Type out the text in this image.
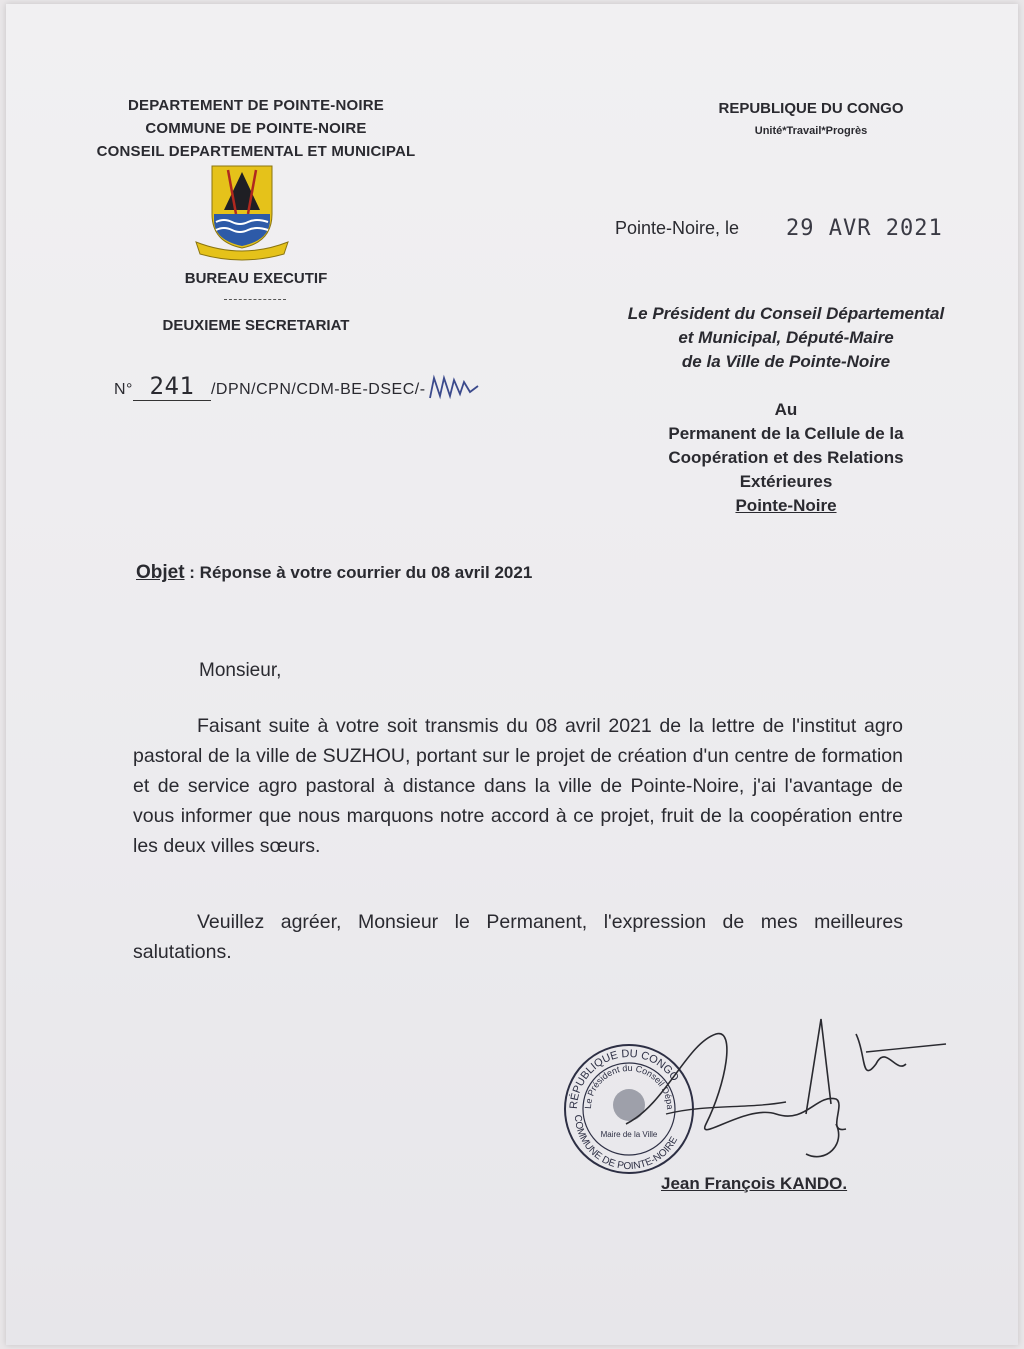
DEPARTEMENT DE POINTE-NOIRE
COMMUNE DE POINTE-NOIRE
CONSEIL DEPARTEMENTAL ET MUNICIPAL
BUREAU EXECUTIF
DEUXIEME SECRETARIAT
N° 241 /DPN/CPN/CDM-BE-DSEC/-
REPUBLIQUE DU CONGO
Unité*Travail*Progrès
Pointe-Noire, le 29 AVR 2021
Le Président du Conseil Départemental
et Municipal, Député-Maire
de la Ville de Pointe-Noire
Au
Permanent de la Cellule de la
Coopération et des Relations
Extérieures
Pointe-Noire
Objet : Réponse à votre courrier du 08 avril 2021
Monsieur,
Faisant suite à votre soit transmis du 08 avril 2021 de la lettre de l'institut agro pastoral de la ville de SUZHOU, portant sur le projet de création d'un centre de formation et de service agro pastoral à distance dans la ville de Pointe-Noire, j'ai l'avantage de vous informer que nous marquons notre accord à ce projet, fruit de la coopération entre les deux villes sœurs.
Veuillez agréer, Monsieur le Permanent, l'expression de mes meilleures salutations.
RÉPUBLIQUE DU CONGO
Le Président du Conseil Dépa
COMMUNE DE POINTE-NOIRE
Maire de la Ville
Jean François KANDO.
